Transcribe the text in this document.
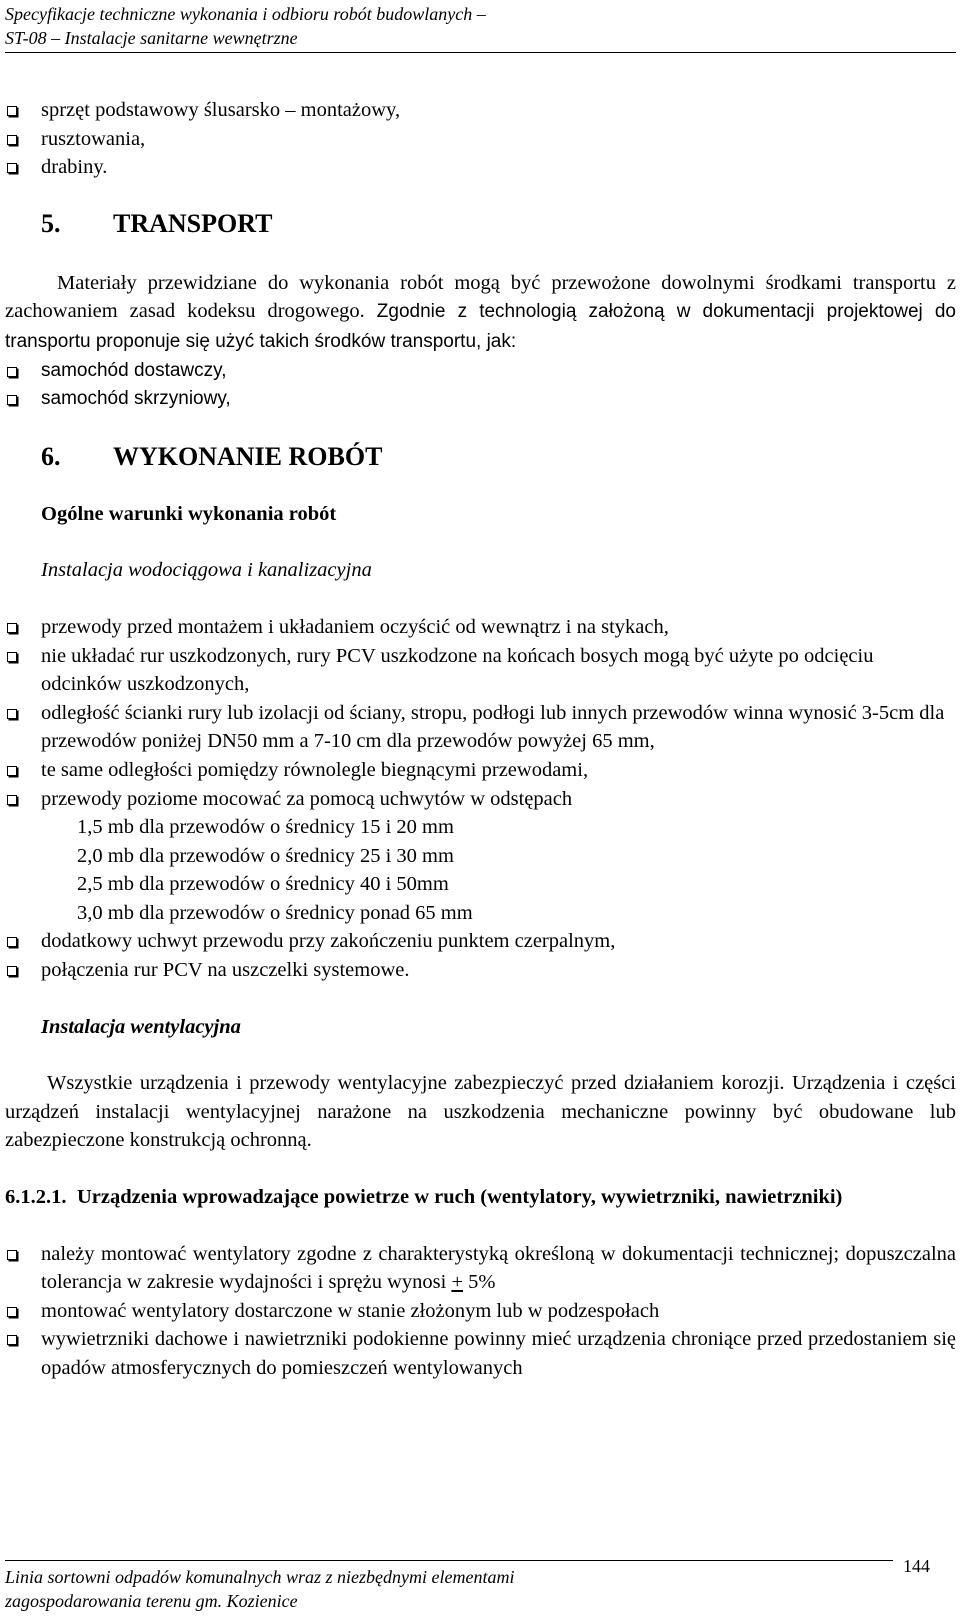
Specyfikacje techniczne wykonania i odbioru robót budowlanych –
ST-08 – Instalacje sanitarne wewnętrzne
sprzęt podstawowy ślusarsko – montażowy,
rusztowania,
drabiny.
5. TRANSPORT
Materiały przewidziane do wykonania robót mogą być przewożone dowolnymi środkami transportu z zachowaniem zasad kodeksu drogowego. Zgodnie z technologią założoną w dokumentacji projektowej do transportu proponuje się użyć takich środków transportu, jak:
samochód dostawczy,
samochód skrzyniowy,
6. WYKONANIE ROBÓT
Ogólne warunki wykonania robót
Instalacja wodociągowa i kanalizacyjna
przewody przed montażem i układaniem oczyścić od wewnątrz i na stykach,
nie układać rur uszkodzonych, rury PCV uszkodzone na końcach bosych mogą być użyte po odcięciu odcinków uszkodzonych,
odległość ścianki rury lub izolacji od ściany, stropu, podłogi lub innych przewodów winna wynosić 3-5cm dla przewodów poniżej DN50 mm a 7-10 cm dla przewodów powyżej 65 mm,
te same odległości pomiędzy równolegle biegnącymi przewodami,
przewody poziome mocować za pomocą uchwytów w odstępach
1,5 mb dla przewodów o średnicy 15 i 20 mm
2,0 mb dla przewodów o średnicy 25 i 30 mm
2,5 mb dla przewodów o średnicy 40 i 50mm
3,0 mb dla przewodów o średnicy ponad 65 mm
dodatkowy uchwyt przewodu przy zakończeniu punktem czerpalnym,
połączenia rur PCV na uszczelki systemowe.
Instalacja wentylacyjna
Wszystkie urządzenia i przewody wentylacyjne zabezpieczyć przed działaniem korozji. Urządzenia i części urządzeń instalacji wentylacyjnej narażone na uszkodzenia mechaniczne powinny być obudowane lub zabezpieczone konstrukcją ochronną.
6.1.2.1. Urządzenia wprowadzające powietrze w ruch (wentylatory, wywietrzniki, nawietrzniki)
należy montować wentylatory zgodne z charakterystyką określoną w dokumentacji technicznej; dopuszczalna tolerancja w zakresie wydajności i sprężu wynosi + 5%
montować wentylatory dostarczone w stanie złożonym lub w podzespołach
wywietrzniki dachowe i nawietrzniki podokienne powinny mieć urządzenia chroniące przed przedostaniem się opadów atmosferycznych do pomieszczeń wentylowanych
Linia sortowni odpadów komunalnych wraz z niezbędnymi elementami
zagospodarowania terenu gm. Kozienice
144
